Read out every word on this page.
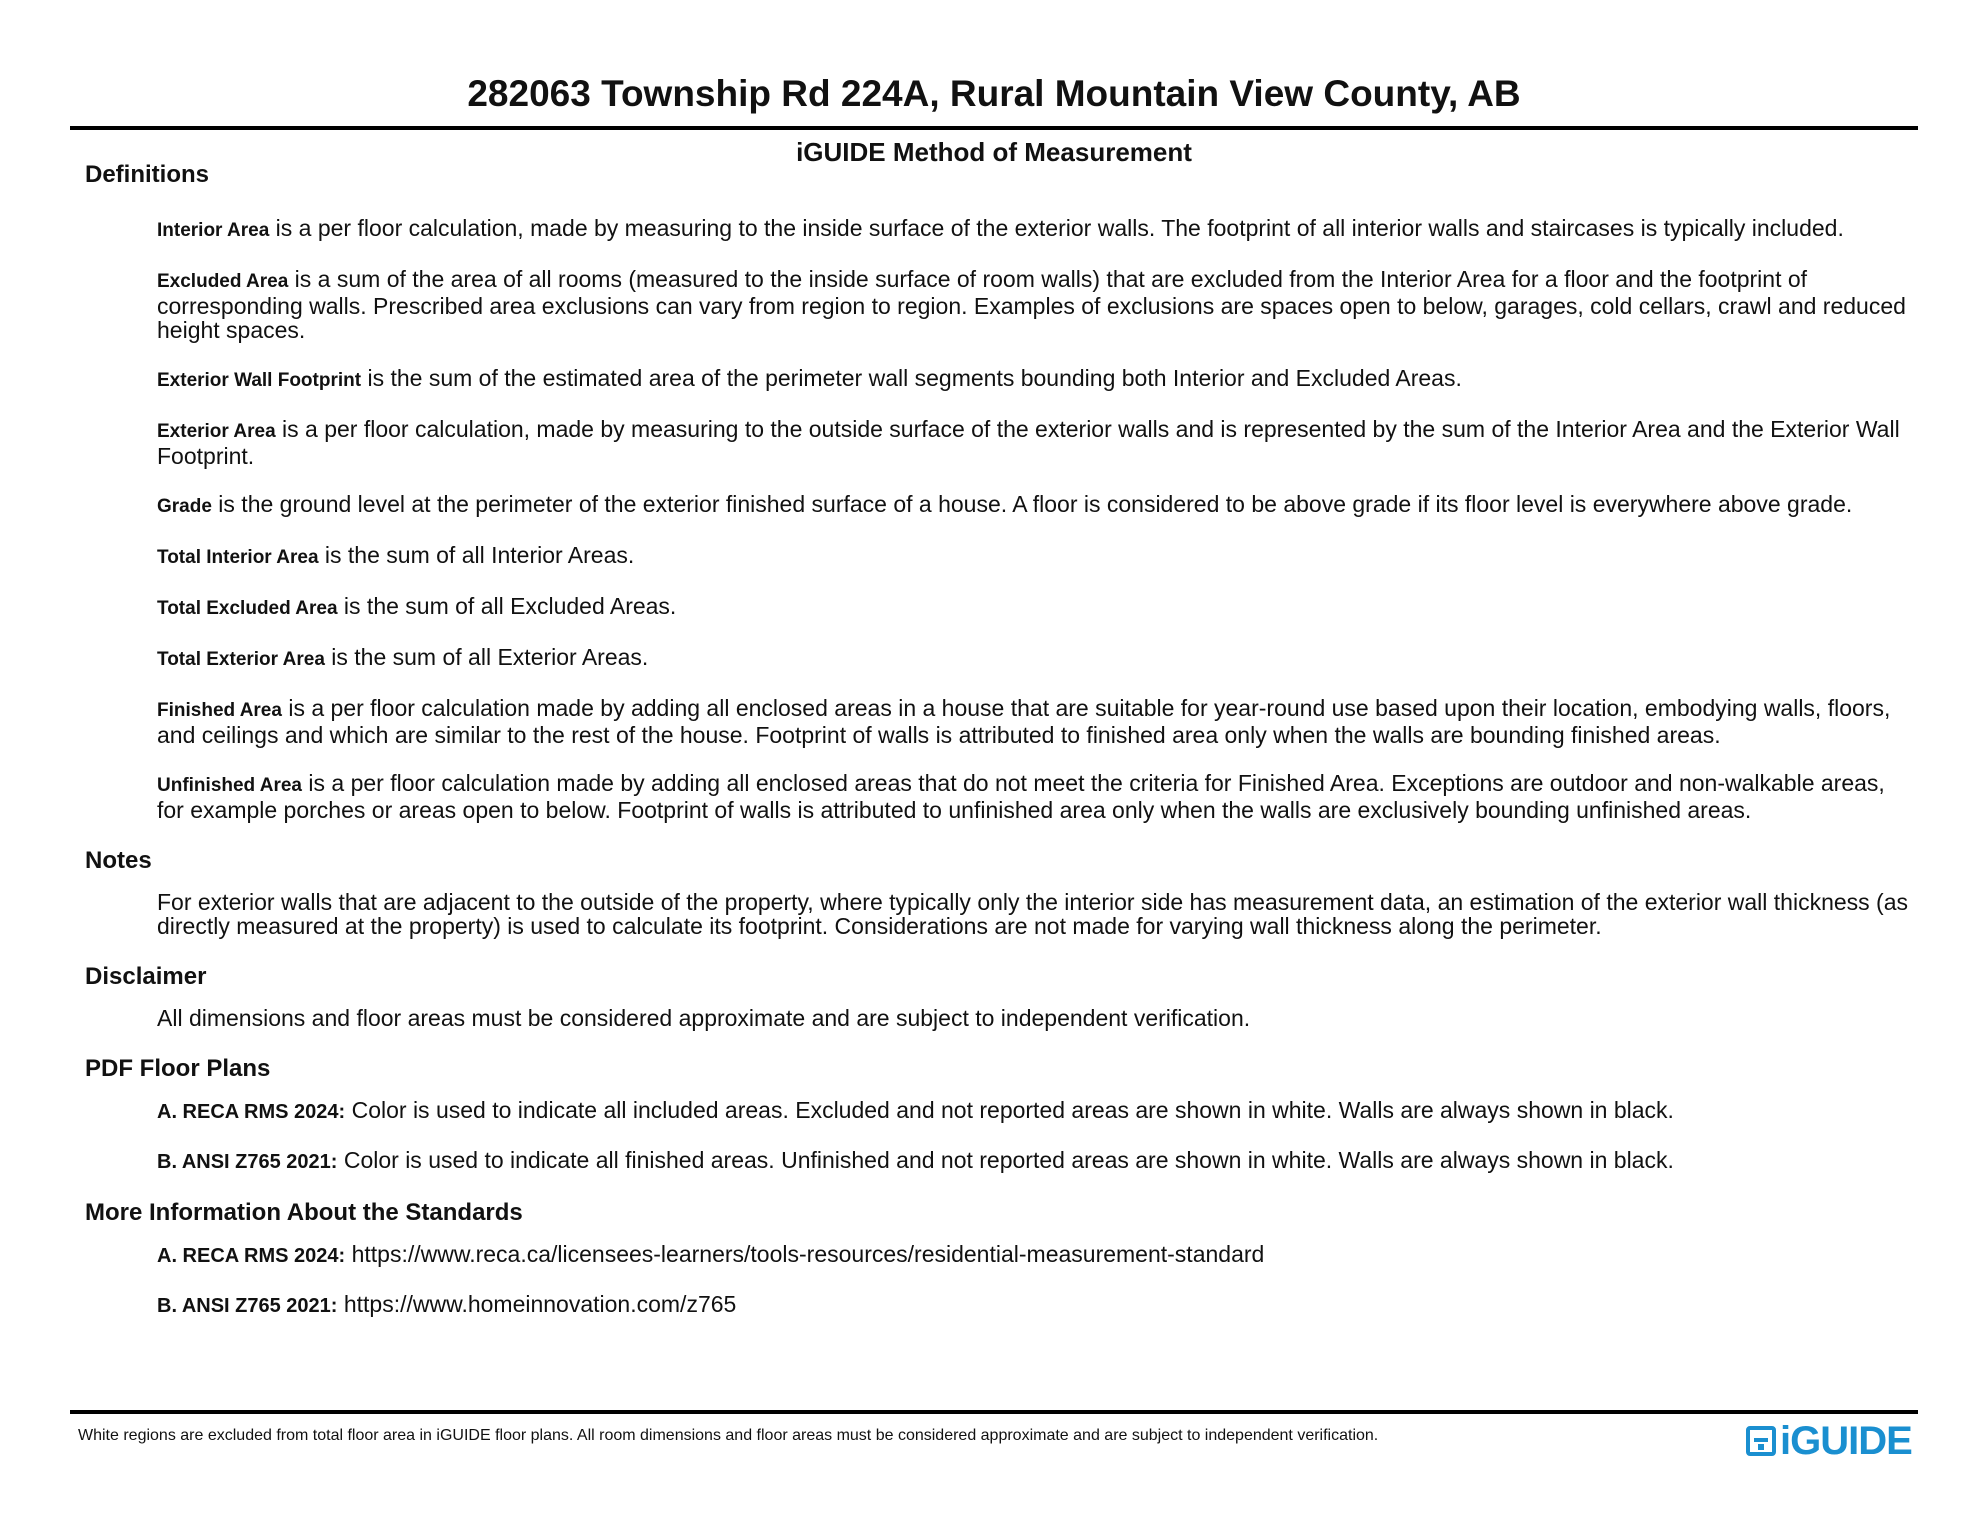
282063 Township Rd 224A, Rural Mountain View County, AB
iGUIDE Method of Measurement
Definitions
Interior Area is a per floor calculation, made by measuring to the inside surface of the exterior walls. The footprint of all interior walls and staircases is typically included.
Excluded Area is a sum of the area of all rooms (measured to the inside surface of room walls) that are excluded from the Interior Area for a floor and the footprint of corresponding walls. Prescribed area exclusions can vary from region to region. Examples of exclusions are spaces open to below, garages, cold cellars, crawl and reduced height spaces.
Exterior Wall Footprint is the sum of the estimated area of the perimeter wall segments bounding both Interior and Excluded Areas.
Exterior Area is a per floor calculation, made by measuring to the outside surface of the exterior walls and is represented by the sum of the Interior Area and the Exterior Wall Footprint.
Grade is the ground level at the perimeter of the exterior finished surface of a house. A floor is considered to be above grade if its floor level is everywhere above grade.
Total Interior Area is the sum of all Interior Areas.
Total Excluded Area is the sum of all Excluded Areas.
Total Exterior Area is the sum of all Exterior Areas.
Finished Area is a per floor calculation made by adding all enclosed areas in a house that are suitable for year-round use based upon their location, embodying walls, floors, and ceilings and which are similar to the rest of the house. Footprint of walls is attributed to finished area only when the walls are bounding finished areas.
Unfinished Area is a per floor calculation made by adding all enclosed areas that do not meet the criteria for Finished Area. Exceptions are outdoor and non-walkable areas, for example porches or areas open to below. Footprint of walls is attributed to unfinished area only when the walls are exclusively bounding unfinished areas.
Notes
For exterior walls that are adjacent to the outside of the property, where typically only the interior side has measurement data, an estimation of the exterior wall thickness (as directly measured at the property) is used to calculate its footprint. Considerations are not made for varying wall thickness along the perimeter.
Disclaimer
All dimensions and floor areas must be considered approximate and are subject to independent verification.
PDF Floor Plans
A. RECA RMS 2024: Color is used to indicate all included areas. Excluded and not reported areas are shown in white. Walls are always shown in black.
B. ANSI Z765 2021: Color is used to indicate all finished areas. Unfinished and not reported areas are shown in white. Walls are always shown in black.
More Information About the Standards
A. RECA RMS 2024: https://www.reca.ca/licensees-learners/tools-resources/residential-measurement-standard
B. ANSI Z765 2021: https://www.homeinnovation.com/z765
White regions are excluded from total floor area in iGUIDE floor plans. All room dimensions and floor areas must be considered approximate and are subject to independent verification.	iGUIDE
